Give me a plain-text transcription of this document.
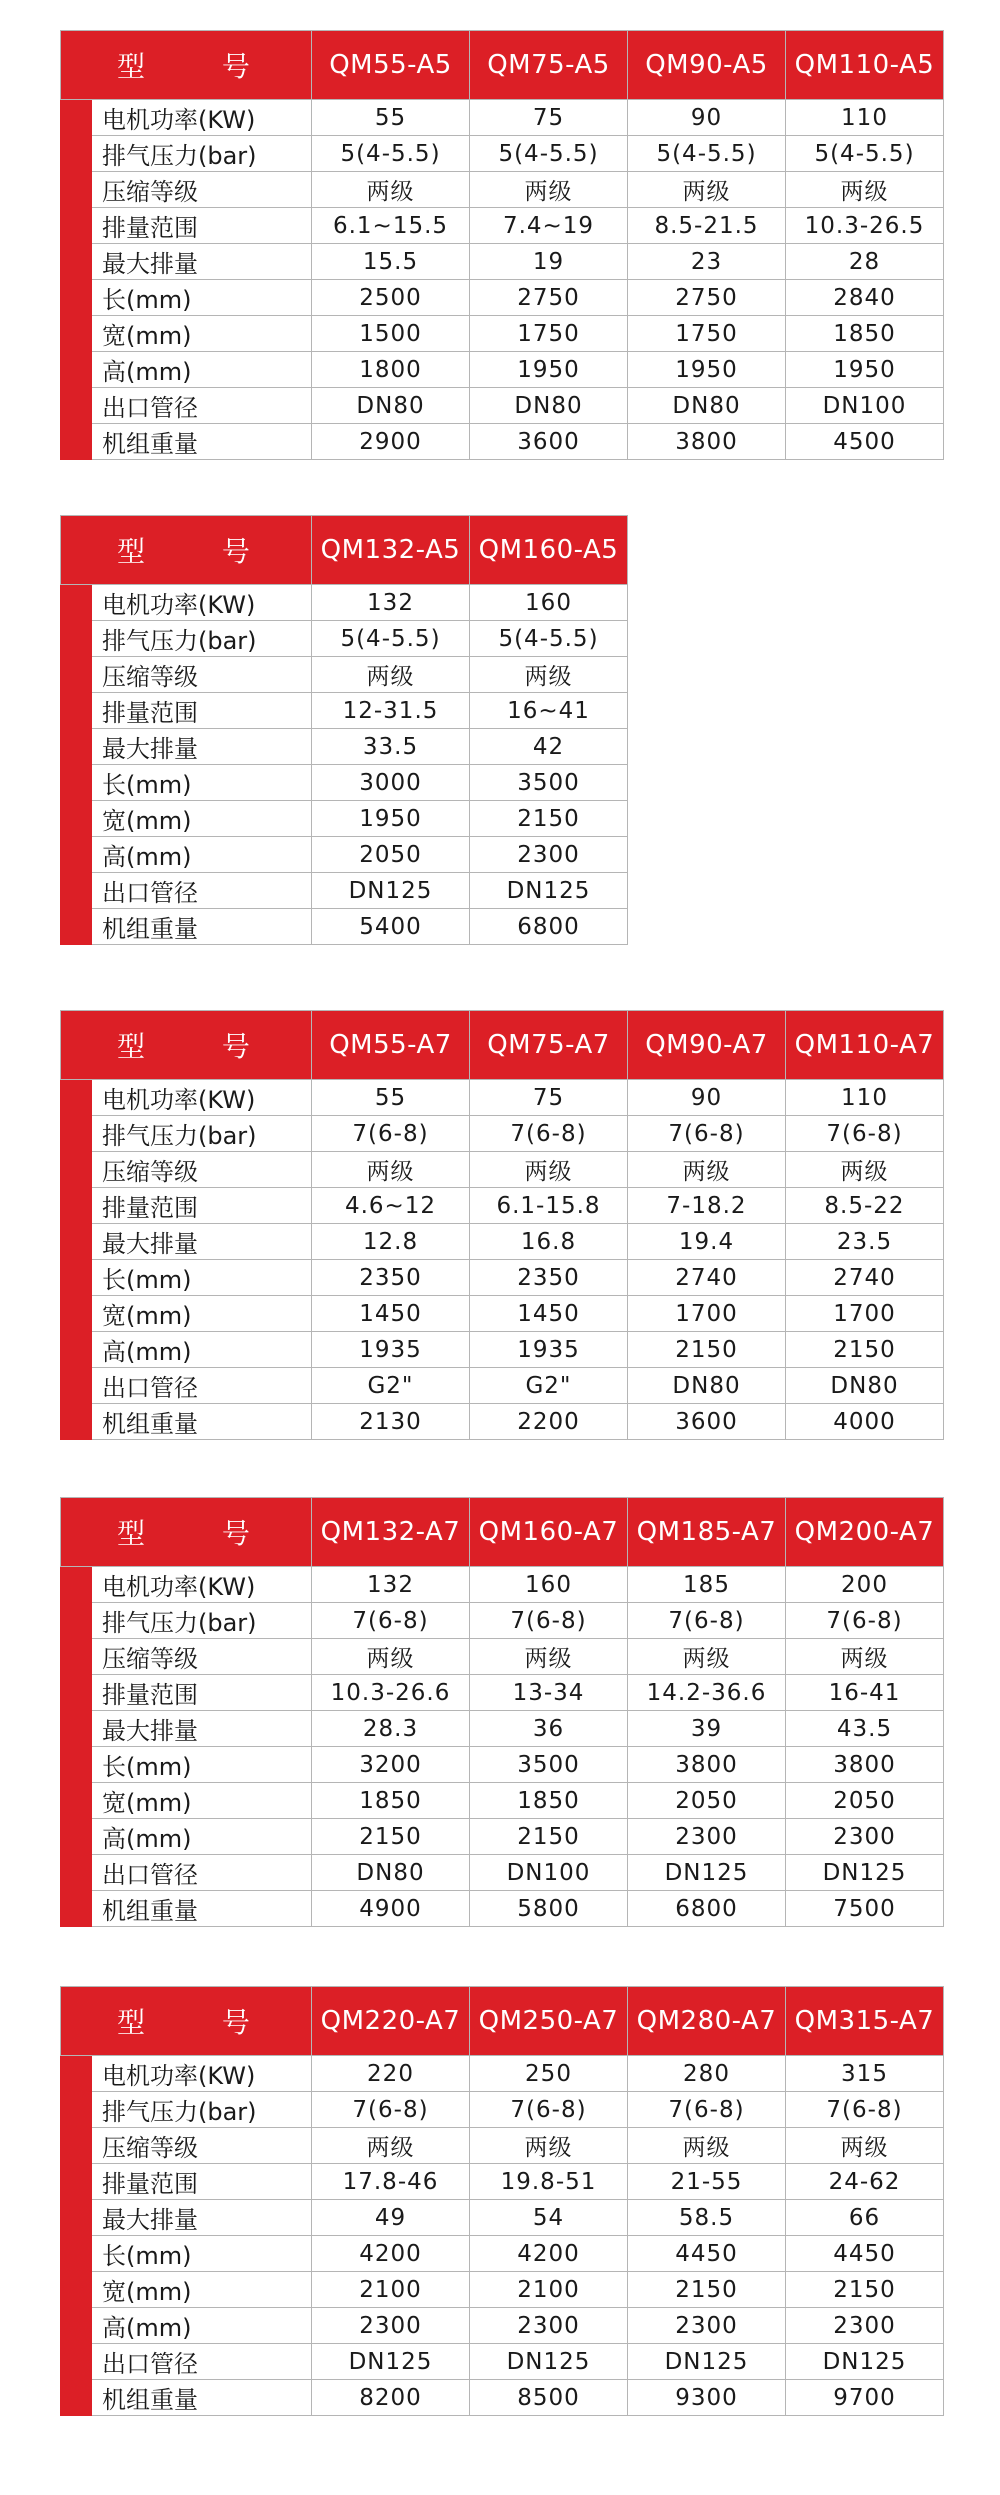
型 号		QM55-A5	QM75-A5	QM90-A5	QM110-A5
	电机功率(KW)	55	75	90	110
	排气压力(bar)	5(4-5.5)	5(4-5.5)	5(4-5.5)	5(4-5.5)
	压缩等级	两级	两级	两级	两级
	排量范围	6.1~15.5	7.4~19	8.5-21.5	10.3-26.5
	最大排量	15.5	19	23	28
	长(mm)	2500	2750	2750	2840
	宽(mm)	1500	1750	1750	1850
	高(mm)	1800	1950	1950	1950
	出口管径	DN80	DN80	DN80	DN100
	机组重量	2900	3600	3800	4500
型 号		QM132-A5	QM160-A5
	电机功率(KW)	132	160
	排气压力(bar)	5(4-5.5)	5(4-5.5)
	压缩等级	两级	两级
	排量范围	12-31.5	16~41
	最大排量	33.5	42
	长(mm)	3000	3500
	宽(mm)	1950	2150
	高(mm)	2050	2300
	出口管径	DN125	DN125
	机组重量	5400	6800
型 号		QM55-A7	QM75-A7	QM90-A7	QM110-A7
	电机功率(KW)	55	75	90	110
	排气压力(bar)	7(6-8)	7(6-8)	7(6-8)	7(6-8)
	压缩等级	两级	两级	两级	两级
	排量范围	4.6~12	6.1-15.8	7-18.2	8.5-22
	最大排量	12.8	16.8	19.4	23.5
	长(mm)	2350	2350	2740	2740
	宽(mm)	1450	1450	1700	1700
	高(mm)	1935	1935	2150	2150
	出口管径	G2"	G2"	DN80	DN80
	机组重量	2130	2200	3600	4000
型 号		QM132-A7	QM160-A7	QM185-A7	QM200-A7
	电机功率(KW)	132	160	185	200
	排气压力(bar)	7(6-8)	7(6-8)	7(6-8)	7(6-8)
	压缩等级	两级	两级	两级	两级
	排量范围	10.3-26.6	13-34	14.2-36.6	16-41
	最大排量	28.3	36	39	43.5
	长(mm)	3200	3500	3800	3800
	宽(mm)	1850	1850	2050	2050
	高(mm)	2150	2150	2300	2300
	出口管径	DN80	DN100	DN125	DN125
	机组重量	4900	5800	6800	7500
型 号		QM220-A7	QM250-A7	QM280-A7	QM315-A7
	电机功率(KW)	220	250	280	315
	排气压力(bar)	7(6-8)	7(6-8)	7(6-8)	7(6-8)
	压缩等级	两级	两级	两级	两级
	排量范围	17.8-46	19.8-51	21-55	24-62
	最大排量	49	54	58.5	66
	长(mm)	4200	4200	4450	4450
	宽(mm)	2100	2100	2150	2150
	高(mm)	2300	2300	2300	2300
	出口管径	DN125	DN125	DN125	DN125
	机组重量	8200	8500	9300	9700
